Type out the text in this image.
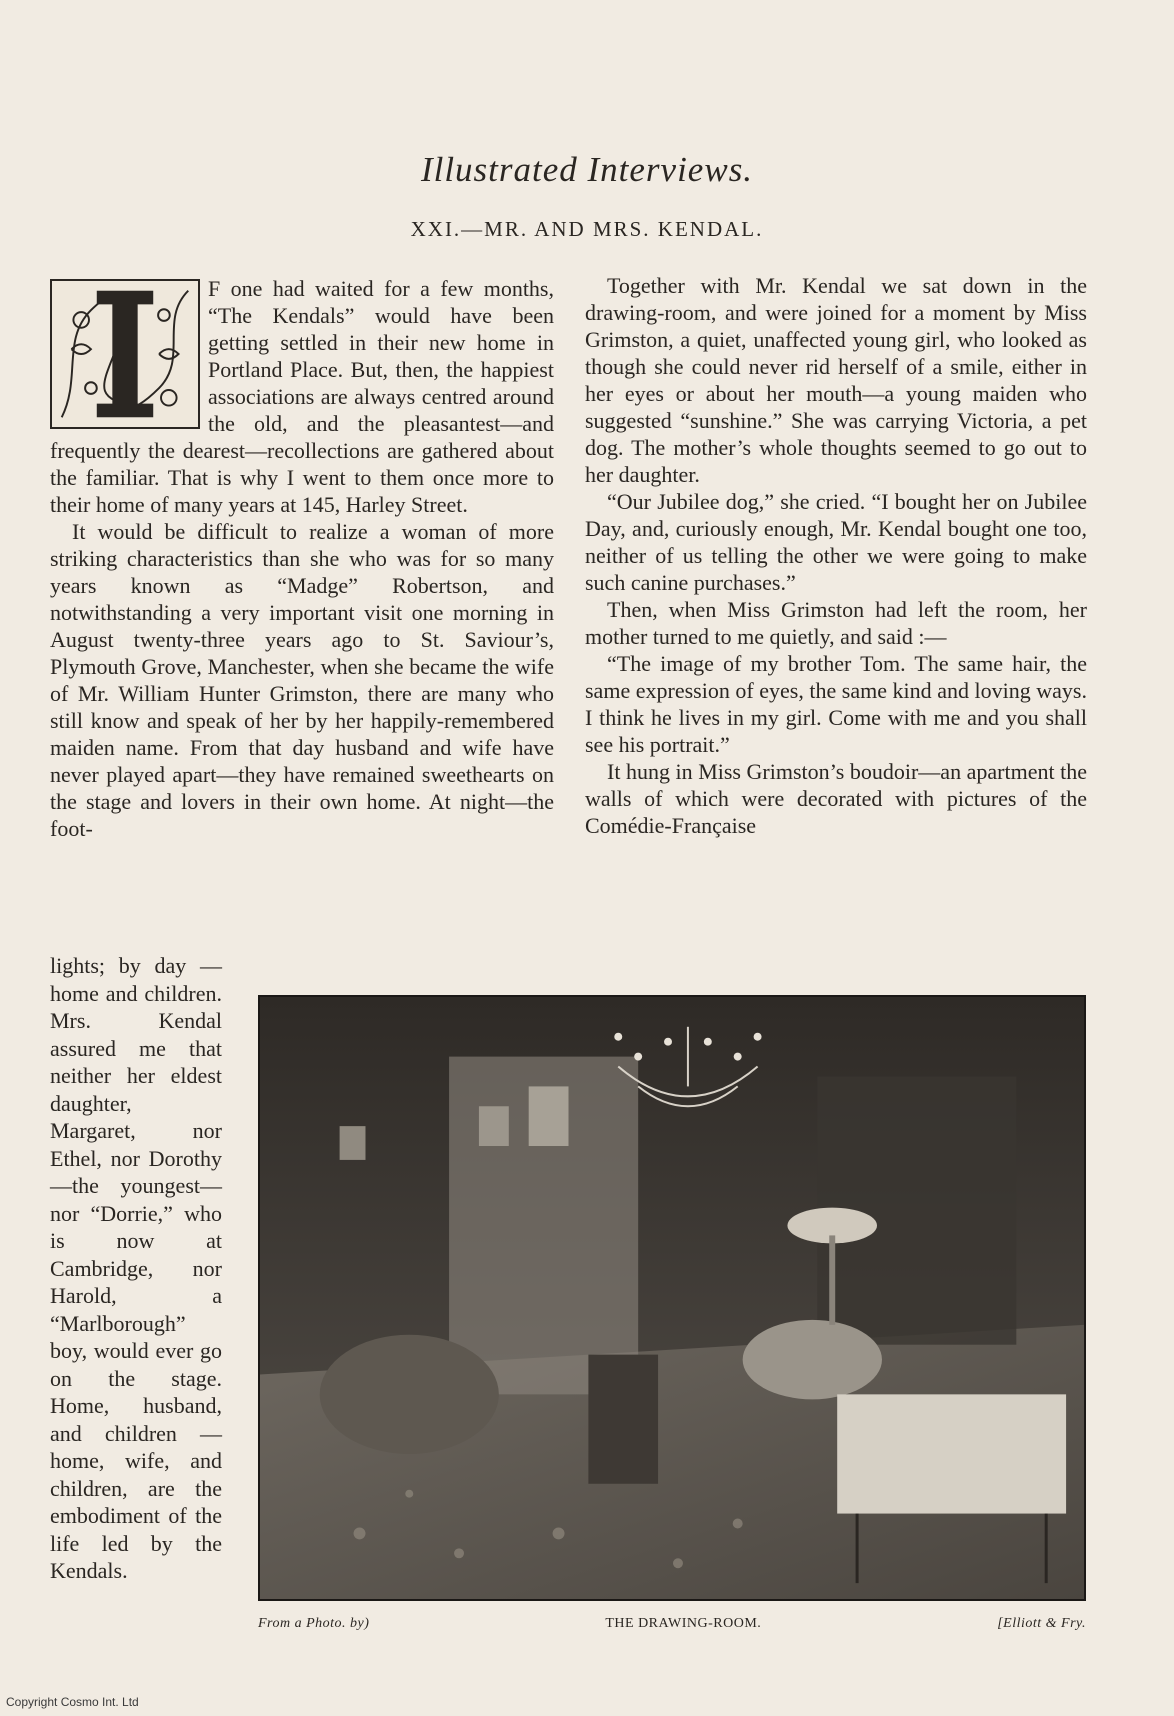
Illustrated Interviews.
XXI.—MR. AND MRS. KENDAL.

F one had waited for a few months, “The Kendals” would have been getting settled in their new home in Portland Place. But, then, the happiest associations are always centred around the old, and the pleasantest—and frequently the dearest—recollections are gathered about the familiar. That is why I went to them once more to their home of many years at 145, Harley Street.

It would be difficult to realize a woman of more striking characteristics than she who was for so many years known as “Madge” Robertson, and notwithstanding a very important visit one morning in August twenty-three years ago to St. Saviour’s, Plymouth Grove, Manchester, when she became the wife of Mr. William Hunter Grimston, there are many who still know and speak of her by her happily-remembered maiden name. From that day husband and wife have never played apart—they have remained sweethearts on the stage and lovers in their own home. At night—the foot-

lights; by day — home and children. Mrs. Kendal assured me that neither her eldest daughter, Margaret, nor Ethel, nor Dorothy—the youngest—nor “Dorrie,” who is now at Cambridge, nor Harold, a “Marlborough” boy, would ever go on the stage. Home, husband, and children — home, wife, and children, are the embodiment of the life led by the Kendals.

Together with Mr. Kendal we sat down in the drawing-room, and were joined for a moment by Miss Grimston, a quiet, unaffected young girl, who looked as though she could never rid herself of a smile, either in her eyes or about her mouth—a young maiden who suggested “sunshine.” She was carrying Victoria, a pet dog. The mother’s whole thoughts seemed to go out to her daughter.

“Our Jubilee dog,” she cried. “I bought her on Jubilee Day, and, curiously enough, Mr. Kendal bought one too, neither of us telling the other we were going to make such canine purchases.”

Then, when Miss Grimston had left the room, her mother turned to me quietly, and said :—

“The image of my brother Tom. The same hair, the same expression of eyes, the same kind and loving ways. I think he lives in my girl. Come with me and you shall see his portrait.”

It hung in Miss Grimston’s boudoir—an apartment the walls of which were decorated with pictures of the Comédie-Française

From a Photo. by)	THE DRAWING-ROOM.	[Elliott & Fry.
Copyright Cosmo Int. Ltd
